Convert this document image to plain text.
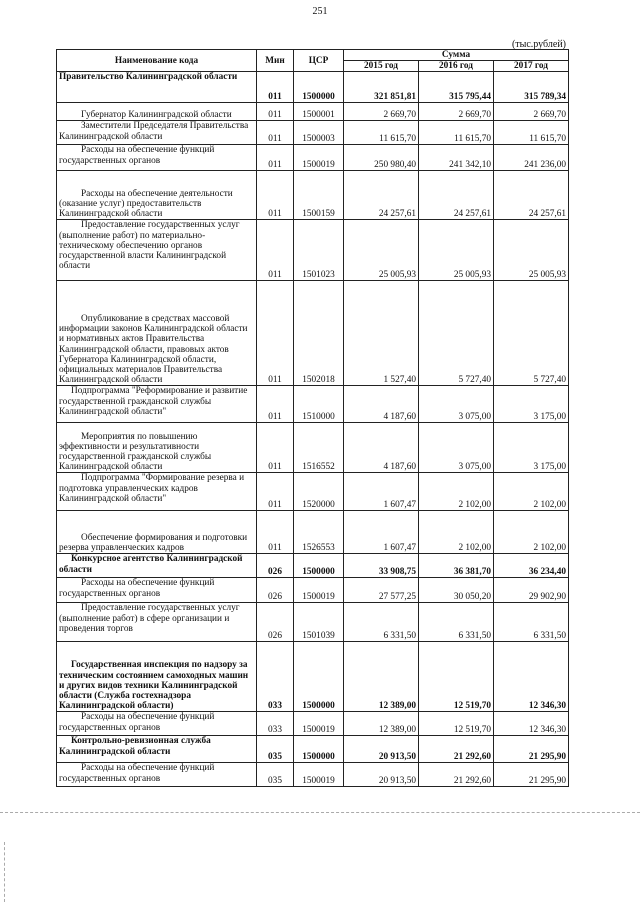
251
(тыс.рублей)
Наименование кода	Мин	ЦСР	Сумма		
			2015 год	2016 год	2017 год
Правительство Калининградской области	011	1500000	321 851,81	315 795,44	315 789,34

Губернатор Калининградской области	011	1500001	2 669,70	2 669,70	2 669,70

Заместители Председателя Правительства Калининградской области	011	1500003	11 615,70	11 615,70	11 615,70

Расходы на обеспечение функций государственных органов	011	1500019	250 980,40	241 342,10	241 236,00

Расходы на обеспечение деятельности (оказание услуг) предоставительств Калининградской области	011	1500159	24 257,61	24 257,61	24 257,61

Предоставление государственных услуг (выполнение работ) по материально-техническому обеспечению органов государственной власти Калининградской области	011	1501023	25 005,93	25 005,93	25 005,93

Опубликование в средствах массовой информации законов Калининградской области и нормативных актов Правительства Калининградской области, правовых актов Губернатора Калининградской области, официальных материалов Правительства Калининградской области	011	1502018	1 527,40	5 727,40	5 727,40

Подпрограмма "Реформирование и развитие государственной гражданской службы Калининградской области"	011	1510000	4 187,60	3 075,00	3 175,00

Мероприятия по повышению эффективности и результативности государственной гражданской службы Калининградской области	011	1516552	4 187,60	3 075,00	3 175,00

Подпрограмма "Формирование резерва и подготовка управленческих кадров Калининградской области"	011	1520000	1 607,47	2 102,00	2 102,00

Обеспечение формирования и подготовки резерва управленческих кадров	011	1526553	1 607,47	2 102,00	2 102,00

Конкурсное агентство Калининградской области	026	1500000	33 908,75	36 381,70	36 234,40

Расходы на обеспечение функций государственных органов	026	1500019	27 577,25	30 050,20	29 902,90

Предоставление государственных услуг (выполнение работ) в сфере организации и проведения торгов	026	1501039	6 331,50	6 331,50	6 331,50

Государственная инспекция по надзору за техническим состоянием самоходных машин и других видов техники Калининградской области (Служба гостехнадзора Калининградской области)	033	1500000	12 389,00	12 519,70	12 346,30

Расходы на обеспечение функций государственных органов	033	1500019	12 389,00	12 519,70	12 346,30

Контрольно-ревизионная служба Калининградской области	035	1500000	20 913,50	21 292,60	21 295,90

Расходы на обеспечение функций государственных органов	035	1500019	20 913,50	21 292,60	21 295,90
